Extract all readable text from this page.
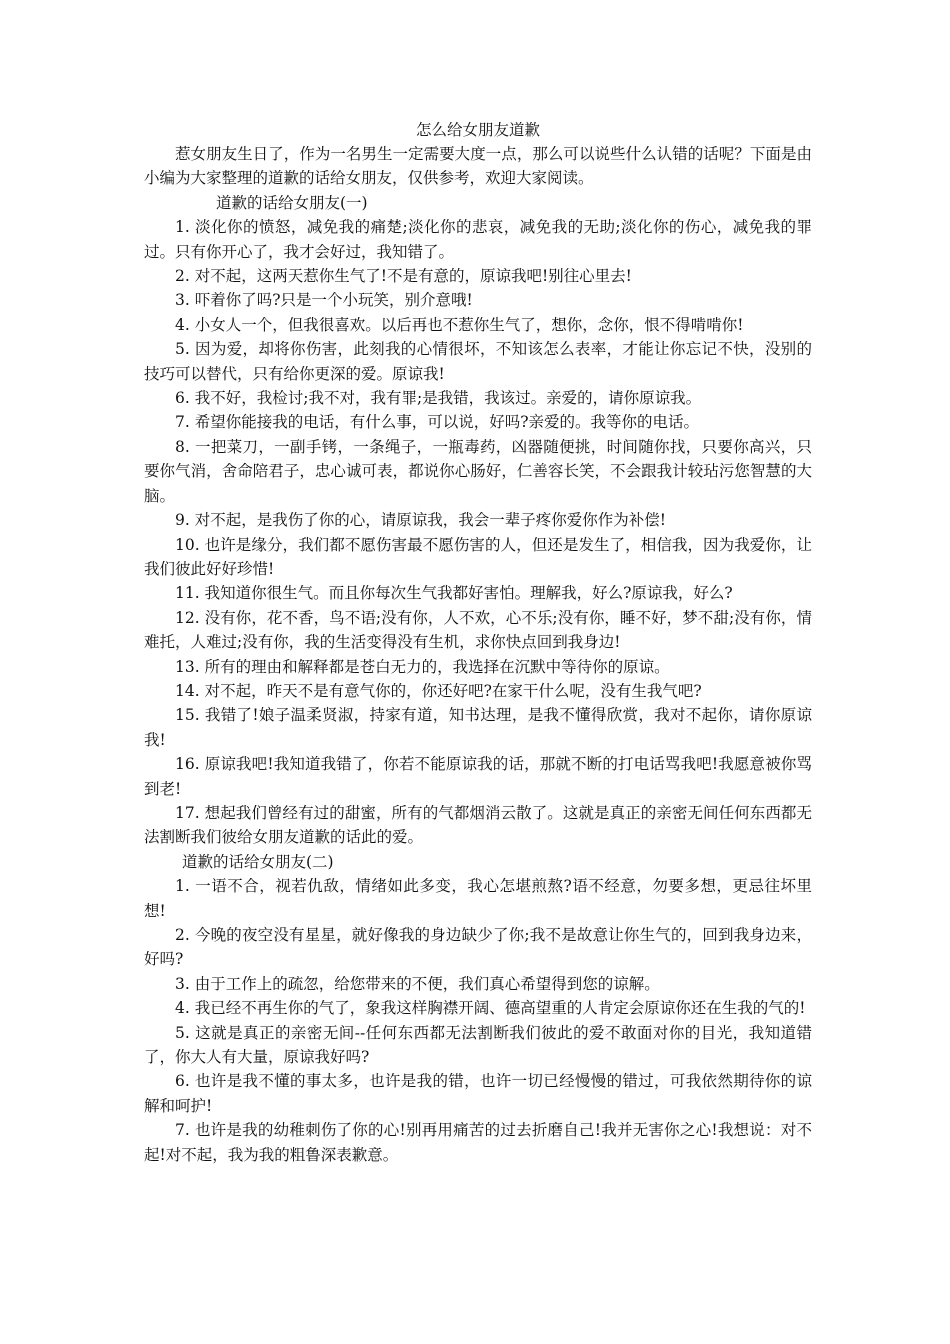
怎么给女朋友道歉

惹女朋友生日了，作为一名男生一定需要大度一点，那么可以说些什么认错的话呢？下面是由小编为大家整理的道歉的话给女朋友，仅供参考，欢迎大家阅读。

道歉的话给女朋友(一)

1. 淡化你的愤怒，减免我的痛楚;淡化你的悲哀，减免我的无助;淡化你的伤心，减免我的罪过。只有你开心了，我才会好过，我知错了。

2. 对不起，这两天惹你生气了!不是有意的，原谅我吧!别往心里去!

3. 吓着你了吗?只是一个小玩笑，别介意哦!

4. 小女人一个，但我很喜欢。以后再也不惹你生气了，想你，念你，恨不得啃啃你!

5. 因为爱，却将你伤害，此刻我的心情很坏，不知该怎么表率，才能让你忘记不快，没别的技巧可以替代，只有给你更深的爱。原谅我!

6. 我不好，我检讨;我不对，我有罪;是我错，我该过。亲爱的，请你原谅我。

7. 希望你能接我的电话，有什么事，可以说，好吗?亲爱的。我等你的电话。

8. 一把菜刀，一副手铐，一条绳子，一瓶毒药，凶器随便挑，时间随你找，只要你高兴，只要你气消，舍命陪君子，忠心诚可表，都说你心肠好，仁善容长笑，不会跟我计较玷污您智慧的大脑。

9. 对不起，是我伤了你的心，请原谅我，我会一辈子疼你爱你作为补偿!

10. 也许是缘分，我们都不愿伤害最不愿伤害的人，但还是发生了，相信我，因为我爱你，让我们彼此好好珍惜!

11. 我知道你很生气。而且你每次生气我都好害怕。理解我，好么?原谅我，好么?

12. 没有你，花不香，鸟不语;没有你，人不欢，心不乐;没有你，睡不好，梦不甜;没有你，情难托，人难过;没有你，我的生活变得没有生机，求你快点回到我身边!

13. 所有的理由和解释都是苍白无力的，我选择在沉默中等待你的原谅。

14. 对不起，昨天不是有意气你的，你还好吧?在家干什么呢，没有生我气吧?

15. 我错了!娘子温柔贤淑，持家有道，知书达理，是我不懂得欣赏，我对不起你，请你原谅我!

16. 原谅我吧!我知道我错了，你若不能原谅我的话，那就不断的打电话骂我吧!我愿意被你骂到老!

17. 想起我们曾经有过的甜蜜，所有的气都烟消云散了。这就是真正的亲密无间任何东西都无法割断我们彼给女朋友道歉的话此的爱。

道歉的话给女朋友(二)

1. 一语不合，视若仇敌，情绪如此多变，我心怎堪煎熬?语不经意，勿要多想，更忌往坏里想!

2. 今晚的夜空没有星星，就好像我的身边缺少了你;我不是故意让你生气的，回到我身边来，好吗?

3. 由于工作上的疏忽，给您带来的不便，我们真心希望得到您的谅解。

4. 我已经不再生你的气了，象我这样胸襟开阔、德高望重的人肯定会原谅你还在生我的气的!

5. 这就是真正的亲密无间--任何东西都无法割断我们彼此的爱不敢面对你的目光，我知道错了，你大人有大量，原谅我好吗?

6. 也许是我不懂的事太多，也许是我的错，也许一切已经慢慢的错过，可我依然期待你的谅解和呵护!

7. 也许是我的幼稚刺伤了你的心!别再用痛苦的过去折磨自己!我并无害你之心!我想说：对不起!对不起，我为我的粗鲁深表歉意。
